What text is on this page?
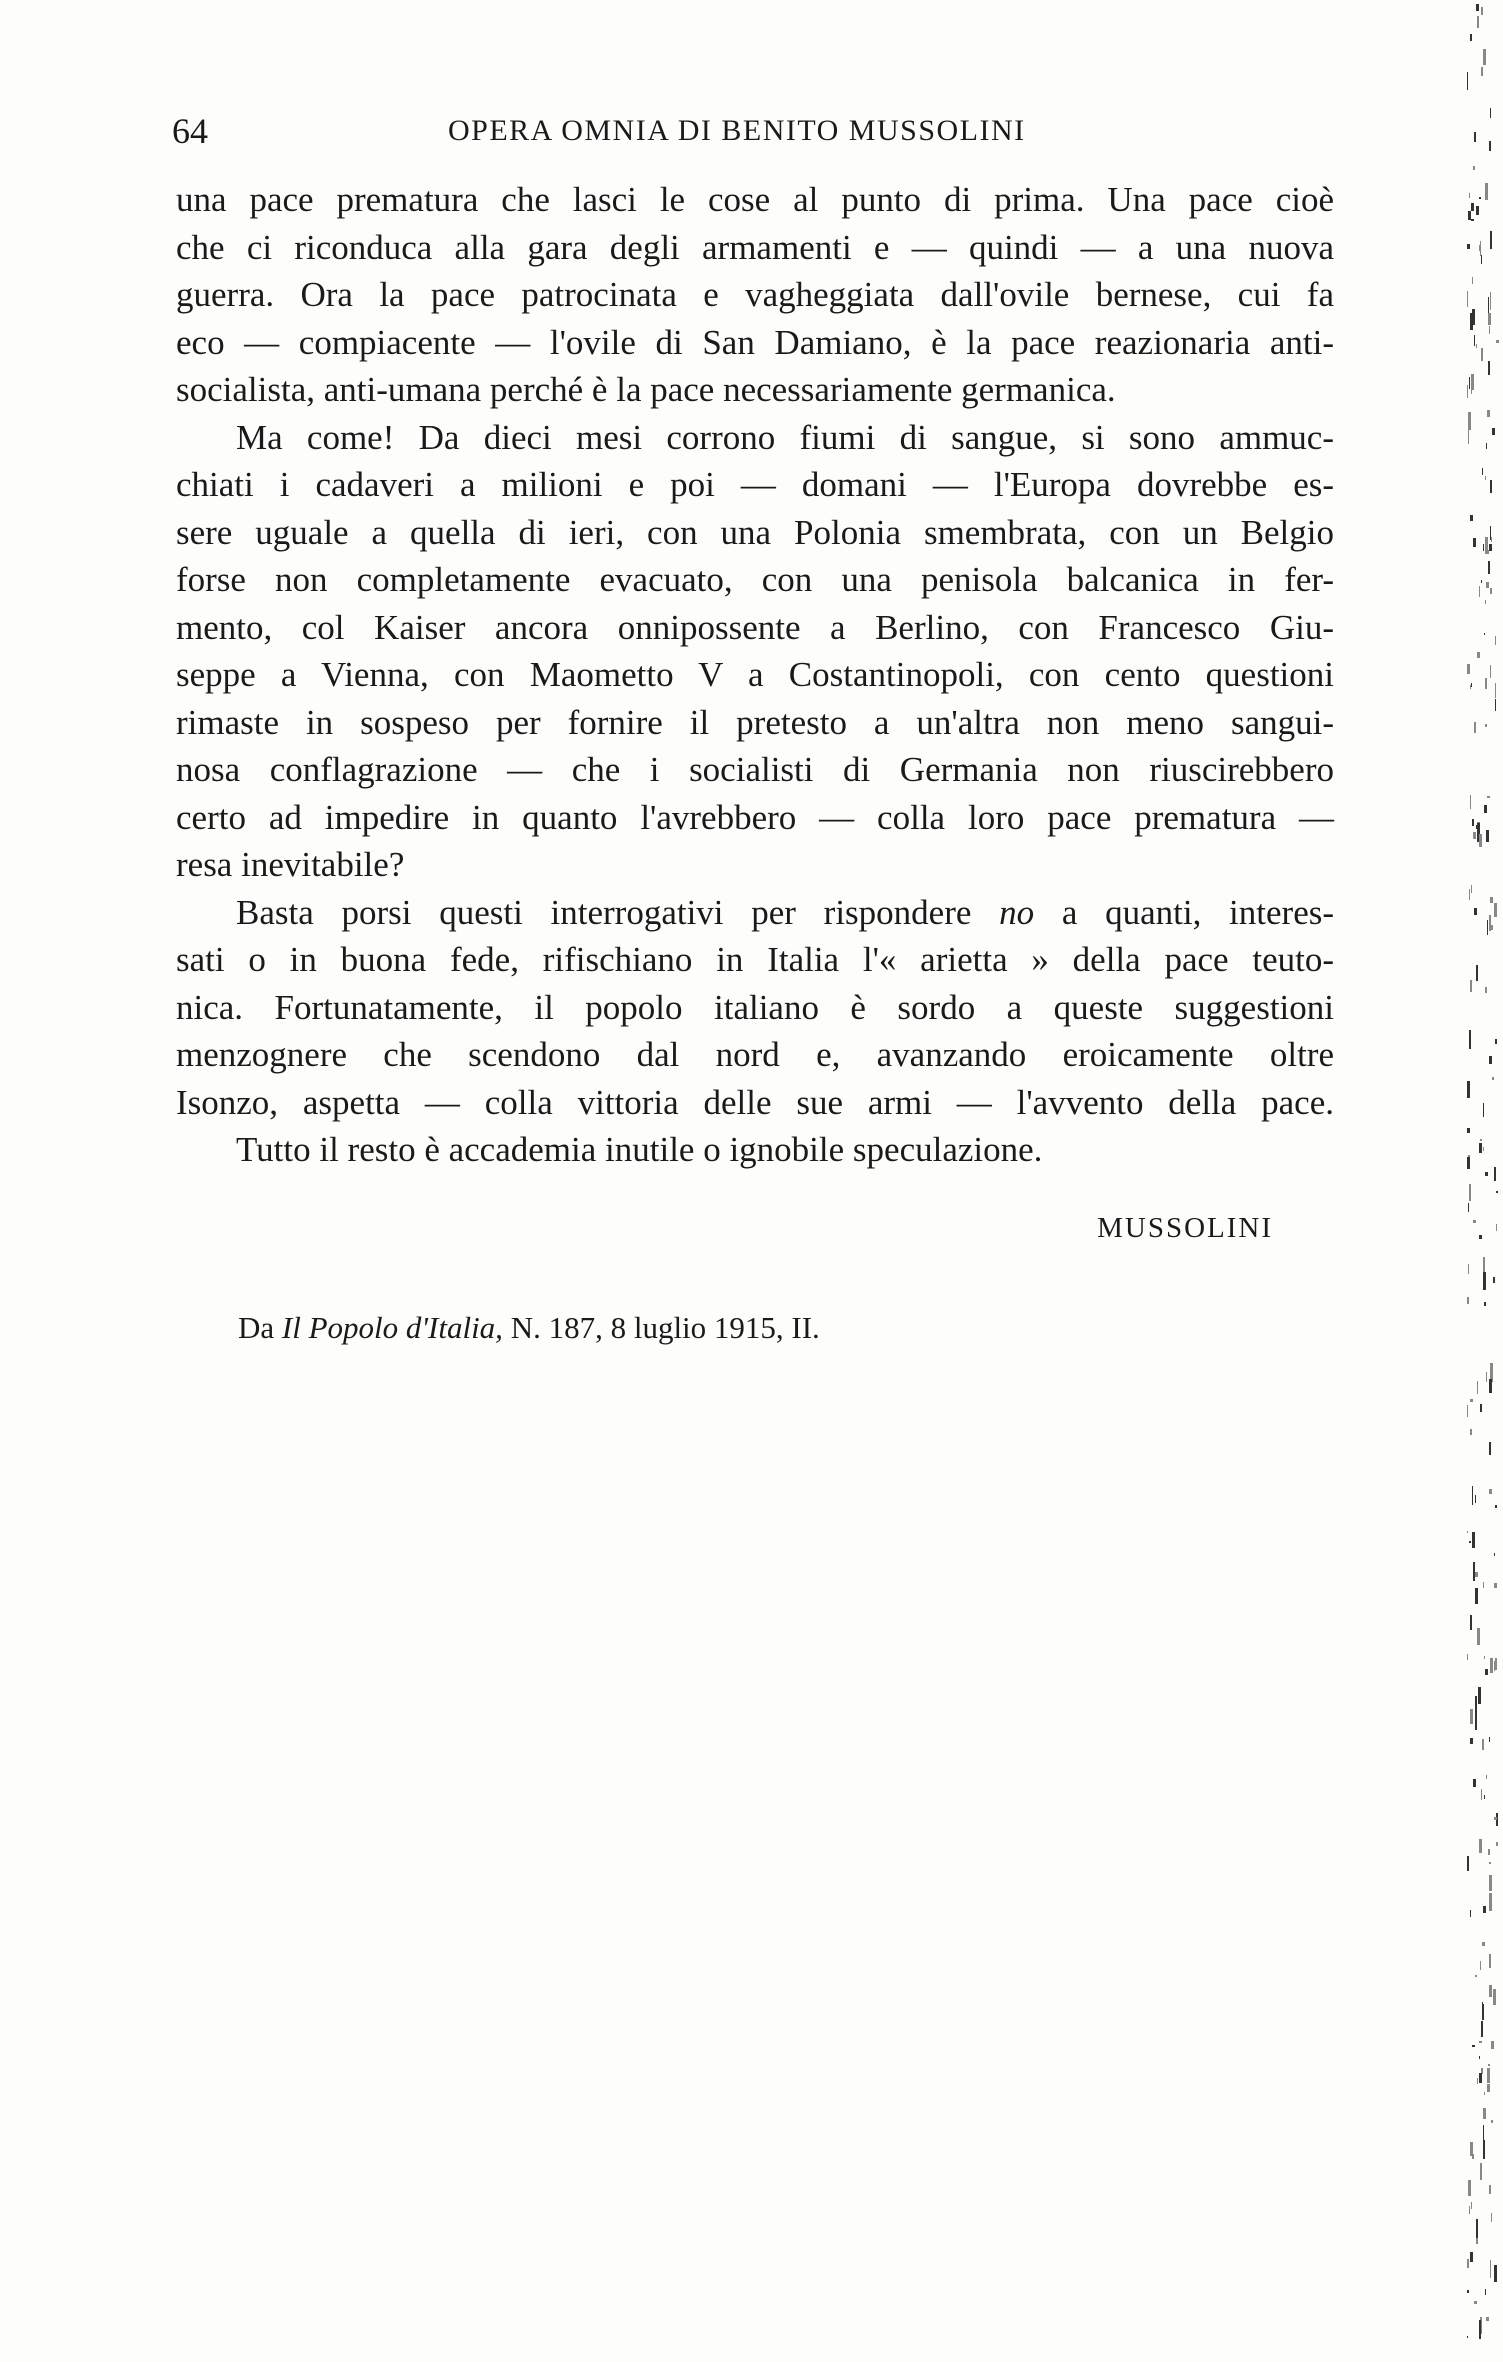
64	OPERA OMNIA DI BENITO MUSSOLINI
una pace prematura che lasci le cose al punto di prima. Una pace cioè
che ci riconduca alla gara degli armamenti e — quindi — a una nuova
guerra. Ora la pace patrocinata e vagheggiata dall'ovile bernese, cui fa
eco — compiacente — l'ovile di San Damiano, è la pace reazionaria anti-
socialista, anti-umana perché è la pace necessariamente germanica.
Ma come! Da dieci mesi corrono fiumi di sangue, si sono ammuc-
chiati i cadaveri a milioni e poi — domani — l'Europa dovrebbe es-
sere uguale a quella di ieri, con una Polonia smembrata, con un Belgio
forse non completamente evacuato, con una penisola balcanica in fer-
mento, col Kaiser ancora onnipossente a Berlino, con Francesco Giu-
seppe a Vienna, con Maometto V a Costantinopoli, con cento questioni
rimaste in sospeso per fornire il pretesto a un'altra non meno sangui-
nosa conflagrazione — che i socialisti di Germania non riuscirebbero
certo ad impedire in quanto l'avrebbero — colla loro pace prematura —
resa inevitabile?
Basta porsi questi interrogativi per rispondere no a quanti, interes-
sati o in buona fede, rifischiano in Italia l'« arietta » della pace teuto-
nica. Fortunatamente, il popolo italiano è sordo a queste suggestioni
menzognere che scendono dal nord e, avanzando eroicamente oltre
Isonzo, aspetta — colla vittoria delle sue armi — l'avvento della pace.
Tutto il resto è accademia inutile o ignobile speculazione.
MUSSOLINI
Da Il Popolo d'Italia, N. 187, 8 luglio 1915, II.
